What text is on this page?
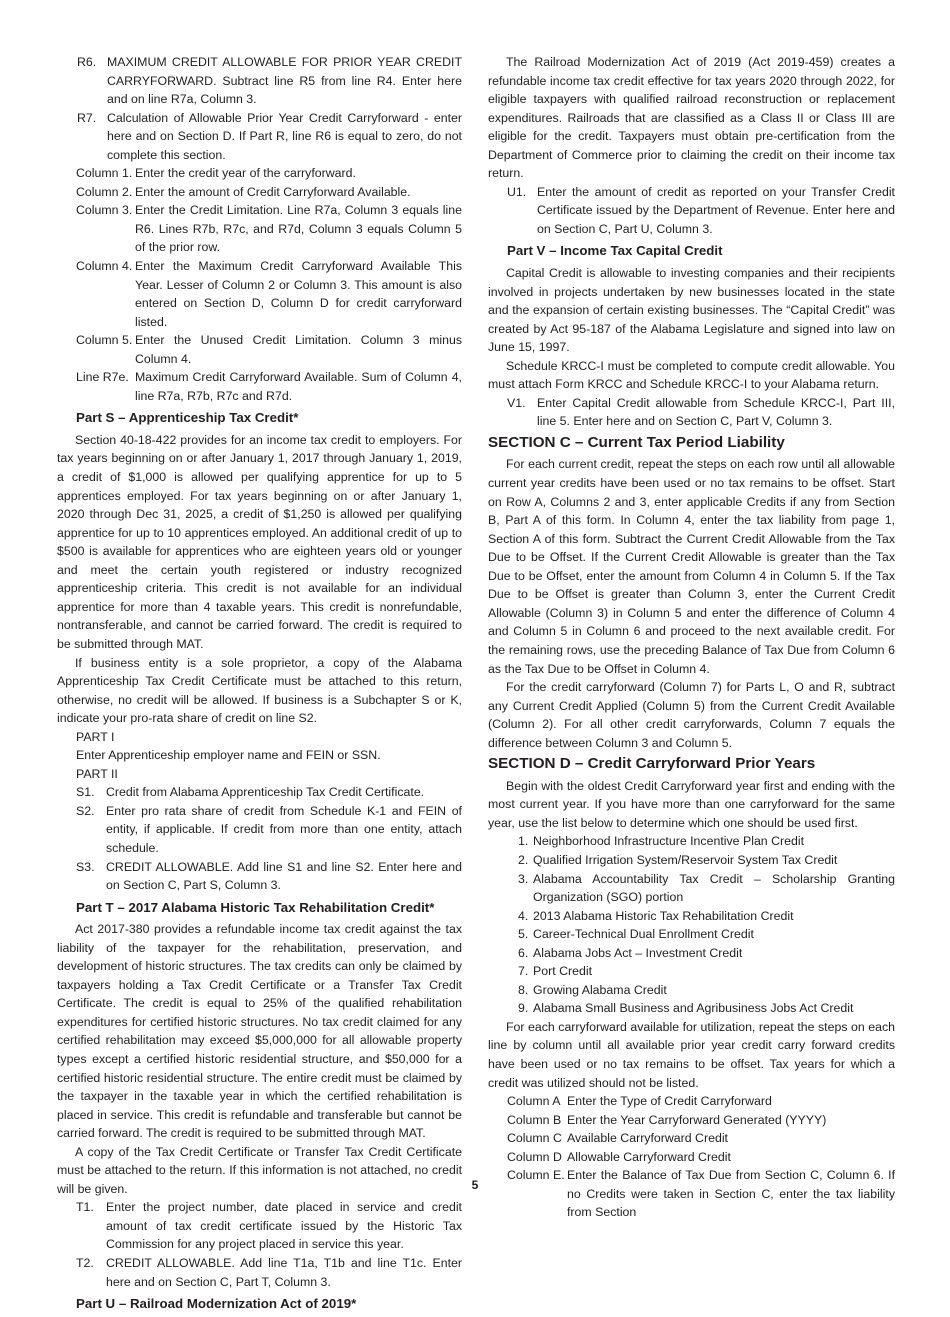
R6. MAXIMUM CREDIT ALLOWABLE FOR PRIOR YEAR CREDIT CARRYFORWARD. Subtract line R5 from line R4. Enter here and on line R7a, Column 3.
R7. Calculation of Allowable Prior Year Credit Carryforward - enter here and on Section D. If Part R, line R6 is equal to zero, do not complete this section.
Column 1. Enter the credit year of the carryforward.
Column 2. Enter the amount of Credit Carryforward Available.
Column 3. Enter the Credit Limitation. Line R7a, Column 3 equals line R6. Lines R7b, R7c, and R7d, Column 3 equals Column 5 of the prior row.
Column 4. Enter the Maximum Credit Carryforward Available This Year. Lesser of Column 2 or Column 3. This amount is also entered on Section D, Column D for credit carryforward listed.
Column 5. Enter the Unused Credit Limitation. Column 3 minus Column 4.
Line R7e. Maximum Credit Carryforward Available. Sum of Column 4, line R7a, R7b, R7c and R7d.
Part S – Apprenticeship Tax Credit*

Section 40-18-422 provides for an income tax credit to employers. For tax years beginning on or after January 1, 2017 through January 1, 2019, a credit of $1,000 is allowed per qualifying apprentice for up to 5 apprentices employed. For tax years beginning on or after January 1, 2020 through Dec 31, 2025, a credit of $1,250 is allowed per qualifying apprentice for up to 10 apprentices employed. An additional credit of up to $500 is available for apprentices who are eighteen years old or younger and meet the certain youth registered or industry recognized apprenticeship criteria. This credit is not available for an individual apprentice for more than 4 taxable years. This credit is nonrefundable, nontransferable, and cannot be carried forward. The credit is required to be submitted through MAT.

If business entity is a sole proprietor, a copy of the Alabama Apprenticeship Tax Credit Certificate must be attached to this return, otherwise, no credit will be allowed. If business is a Subchapter S or K, indicate your pro-rata share of credit on line S2.

PART I
Enter Apprenticeship employer name and FEIN or SSN.
PART II
S1. Credit from Alabama Apprenticeship Tax Credit Certificate.
S2. Enter pro rata share of credit from Schedule K-1 and FEIN of entity, if applicable. If credit from more than one entity, attach schedule.
S3. CREDIT ALLOWABLE. Add line S1 and line S2. Enter here and on Section C, Part S, Column 3.
Part T – 2017 Alabama Historic Tax Rehabilitation Credit*

Act 2017-380 provides a refundable income tax credit against the tax liability of the taxpayer for the rehabilitation, preservation, and development of historic structures. The tax credits can only be claimed by taxpayers holding a Tax Credit Certificate or a Transfer Tax Credit Certificate. The credit is equal to 25% of the qualified rehabilitation expenditures for certified historic structures. No tax credit claimed for any certified rehabilitation may exceed $5,000,000 for all allowable property types except a certified historic residential structure, and $50,000 for a certified historic residential structure. The entire credit must be claimed by the taxpayer in the taxable year in which the certified rehabilitation is placed in service. This credit is refundable and transferable but cannot be carried forward. The credit is required to be submitted through MAT.

A copy of the Tax Credit Certificate or Transfer Tax Credit Certificate must be attached to the return. If this information is not attached, no credit will be given.

T1. Enter the project number, date placed in service and credit amount of tax credit certificate issued by the Historic Tax Commission for any project placed in service this year.
T2. CREDIT ALLOWABLE. Add line T1a, T1b and line T1c. Enter here and on Section C, Part T, Column 3.
Part U – Railroad Modernization Act of 2019*

The Railroad Modernization Act of 2019 (Act 2019-459) creates a refundable income tax credit effective for tax years 2020 through 2022, for eligible taxpayers with qualified railroad reconstruction or replacement expenditures. Railroads that are classified as a Class II or Class III are eligible for the credit. Taxpayers must obtain pre-certification from the Department of Commerce prior to claiming the credit on their income tax return.

U1. Enter the amount of credit as reported on your Transfer Credit Certificate issued by the Department of Revenue. Enter here and on Section C, Part U, Column 3.
Part V – Income Tax Capital Credit

Capital Credit is allowable to investing companies and their recipients involved in projects undertaken by new businesses located in the state and the expansion of certain existing businesses. The “Capital Credit” was created by Act 95-187 of the Alabama Legislature and signed into law on June 15, 1997.

Schedule KRCC-I must be completed to compute credit allowable. You must attach Form KRCC and Schedule KRCC-I to your Alabama return.

V1. Enter Capital Credit allowable from Schedule KRCC-I, Part III, line 5. Enter here and on Section C, Part V, Column 3.
SECTION C – Current Tax Period Liability

For each current credit, repeat the steps on each row until all allowable current year credits have been used or no tax remains to be offset. Start on Row A, Columns 2 and 3, enter applicable Credits if any from Section B, Part A of this form. In Column 4, enter the tax liability from page 1, Section A of this form. Subtract the Current Credit Allowable from the Tax Due to be Offset. If the Current Credit Allowable is greater than the Tax Due to be Offset, enter the amount from Column 4 in Column 5. If the Tax Due to be Offset is greater than Column 3, enter the Current Credit Allowable (Column 3) in Column 5 and enter the difference of Column 4 and Column 5 in Column 6 and proceed to the next available credit. For the remaining rows, use the preceding Balance of Tax Due from Column 6 as the Tax Due to be Offset in Column 4.

For the credit carryforward (Column 7) for Parts L, O and R, subtract any Current Credit Applied (Column 5) from the Current Credit Available (Column 2). For all other credit carryforwards, Column 7 equals the difference between Column 3 and Column 5.

SECTION D – Credit Carryforward Prior Years

Begin with the oldest Credit Carryforward year first and ending with the most current year. If you have more than one carryforward for the same year, use the list below to determine which one should be used first.

1. Neighborhood Infrastructure Incentive Plan Credit
2. Qualified Irrigation System/Reservoir System Tax Credit
3. Alabama Accountability Tax Credit – Scholarship Granting Organization (SGO) portion
4. 2013 Alabama Historic Tax Rehabilitation Credit
5. Career-Technical Dual Enrollment Credit
6. Alabama Jobs Act – Investment Credit
7. Port Credit
8. Growing Alabama Credit
9. Alabama Small Business and Agribusiness Jobs Act Credit

For each carryforward available for utilization, repeat the steps on each line by column until all available prior year credit carry forward credits have been used or no tax remains to be offset. Tax years for which a credit was utilized should not be listed.

Column A Enter the Type of Credit Carryforward
Column B Enter the Year Carryforward Generated (YYYY)
Column C Available Carryforward Credit
Column D Allowable Carryforward Credit
Column E. Enter the Balance of Tax Due from Section C, Column 6. If no Credits were taken in Section C, enter the tax liability from Section
5
